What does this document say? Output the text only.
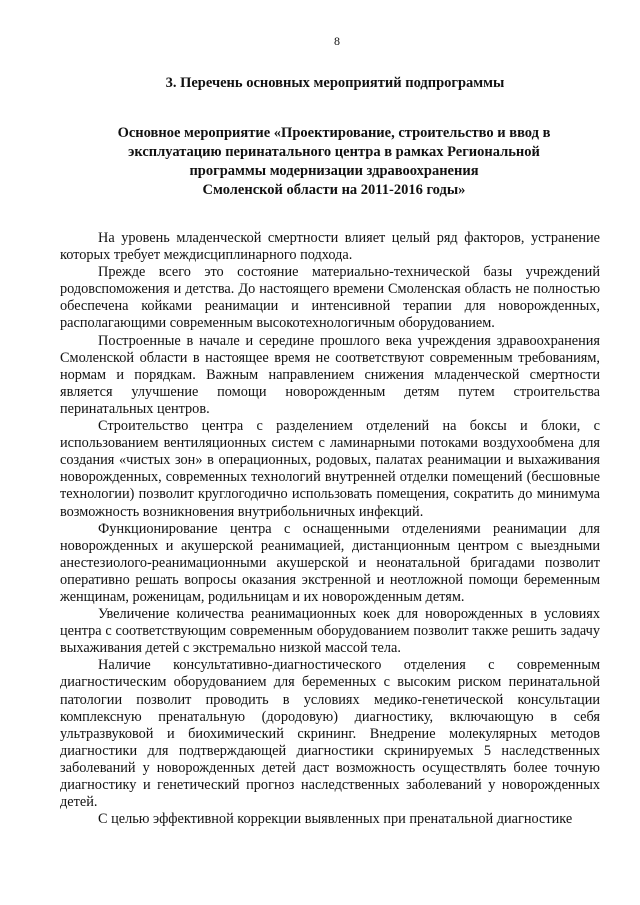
8
3. Перечень основных мероприятий подпрограммы
Основное мероприятие «Проектирование, строительство и ввод в
эксплуатацию перинатального центра в рамках Региональной
программы модернизации здравоохранения
Смоленской области на 2011-2016 годы»

На уровень младенческой смертности влияет целый ряд факторов, устранение которых требует междисциплинарного подхода.

Прежде всего это состояние материально-технической базы учреждений родовспоможения и детства. До настоящего времени Смоленская область не полностью обеспечена койками реанимации и интенсивной терапии для новорожденных, располагающими современным высокотехнологичным оборудованием.

Построенные в начале и середине прошлого века учреждения здравоохранения Смоленской области в настоящее время не соответствуют современным требованиям, нормам и порядкам. Важным направлением снижения младенческой смертности является улучшение помощи новорожденным детям путем строительства перинатальных центров.

Строительство центра с разделением отделений на боксы и блоки, с использованием вентиляционных систем с ламинарными потоками воздухообмена для создания «чистых зон» в операционных, родовых, палатах реанимации и выхаживания новорожденных, современных технологий внутренней отделки помещений (бесшовные технологии) позволит круглогодично использовать помещения, сократить до минимума возможность возникновения внутрибольничных инфекций.

Функционирование центра с оснащенными отделениями реанимации для новорожденных и акушерской реанимацией, дистанционным центром с выездными анестезиолого-реанимационными акушерской и неонатальной бригадами позволит оперативно решать вопросы оказания экстренной и неотложной помощи беременным женщинам, роженицам, родильницам и их новорожденным детям.

Увеличение количества реанимационных коек для новорожденных в условиях центра с соответствующим современным оборудованием позволит также решить задачу выхаживания детей с экстремально низкой массой тела.

Наличие консультативно-диагностического отделения с современным диагностическим оборудованием для беременных с высоким риском перинатальной патологии позволит проводить в условиях медико-генетической консультации комплексную пренатальную (дородовую) диагностику, включающую в себя ультразвуковой и биохимический скрининг. Внедрение молекулярных методов диагностики для подтверждающей диагностики скринируемых 5 наследственных заболеваний у новорожденных детей даст возможность осуществлять более точную диагностику и генетический прогноз наследственных заболеваний у новорожденных детей.

С целью эффективной коррекции выявленных при пренатальной диагностике
